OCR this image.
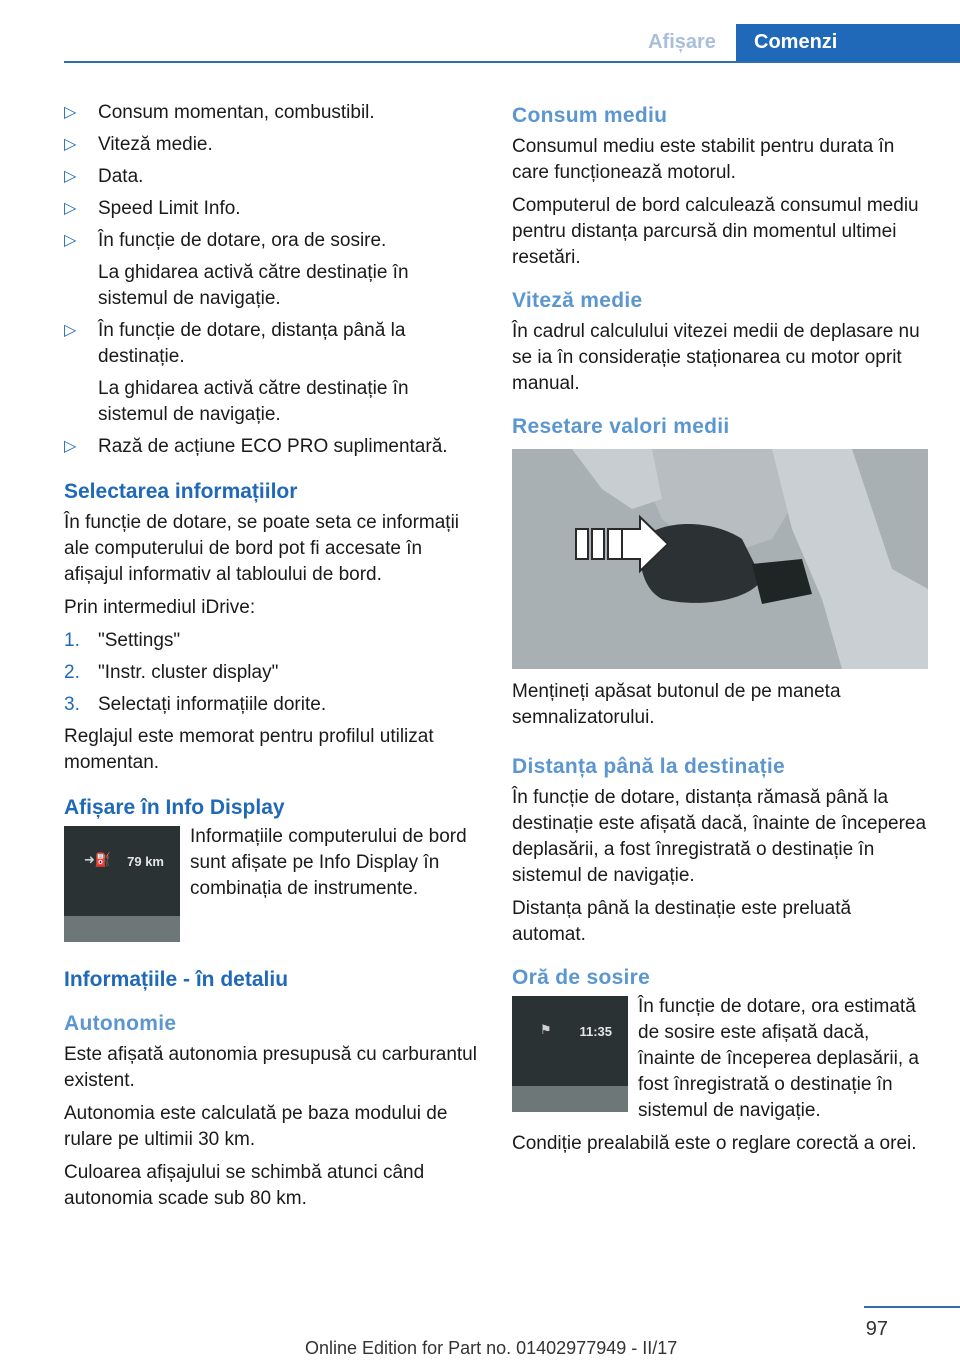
Afișare	Comenzi
▷ Consum momentan, combustibil.
▷ Viteză medie.
▷ Data.
▷ Speed Limit Info.
▷ În funcție de dotare, ora de sosire.
La ghidarea activă către destinație în sistemul de navigație.
▷ În funcție de dotare, distanța până la destinație.
La ghidarea activă către destinație în sistemul de navigație.
▷ Rază de acțiune ECO PRO suplimentară.
Selectarea informațiilor

În funcție de dotare, se poate seta ce informații ale computerului de bord pot fi accesate în afișajul informativ al tabloului de bord.

Prin intermediul iDrive:

1. "Settings"
2. "Instr. cluster display"
3. Selectați informațiile dorite.

Reglajul este memorat pentru profilul utilizat momentan.

Afișare în Info Display
➜⛽ 79 km

Informațiile computerului de bord sunt afișate pe Info Display în combinația de instrumente.

Informațiile - în detaliu
Autonomie

Este afișată autonomia presupusă cu carburantul existent.

Autonomia este calculată pe baza modului de rulare pe ultimii 30 km.

Culoarea afișajului se schimbă atunci când autonomia scade sub 80 km.

Consum mediu

Consumul mediu este stabilit pentru durata în care funcționează motorul.

Computerul de bord calculează consumul mediu pentru distanța parcursă din momentul ultimei resetări.

Viteză medie

În cadrul calculului vitezei medii de deplasare nu se ia în considerație staționarea cu motor oprit manual.

Resetare valori medii

Mențineți apăsat butonul de pe maneta semnalizatorului.

Distanța până la destinație

În funcție de dotare, distanța rămasă până la destinație este afișată dacă, înainte de începerea deplasării, a fost înregistrată o destinație în sistemul de navigație.

Distanța până la destinație este preluată automat.

Oră de sosire
⚑ 11:35

În funcție de dotare, ora estimată de sosire este afișată dacă, înainte de începerea deplasării, a fost înregistrată o destinație în sistemul de navigație.

Condiție prealabilă este o reglare corectă a orei.

97
Online Edition for Part no. 01402977949 - II/17
